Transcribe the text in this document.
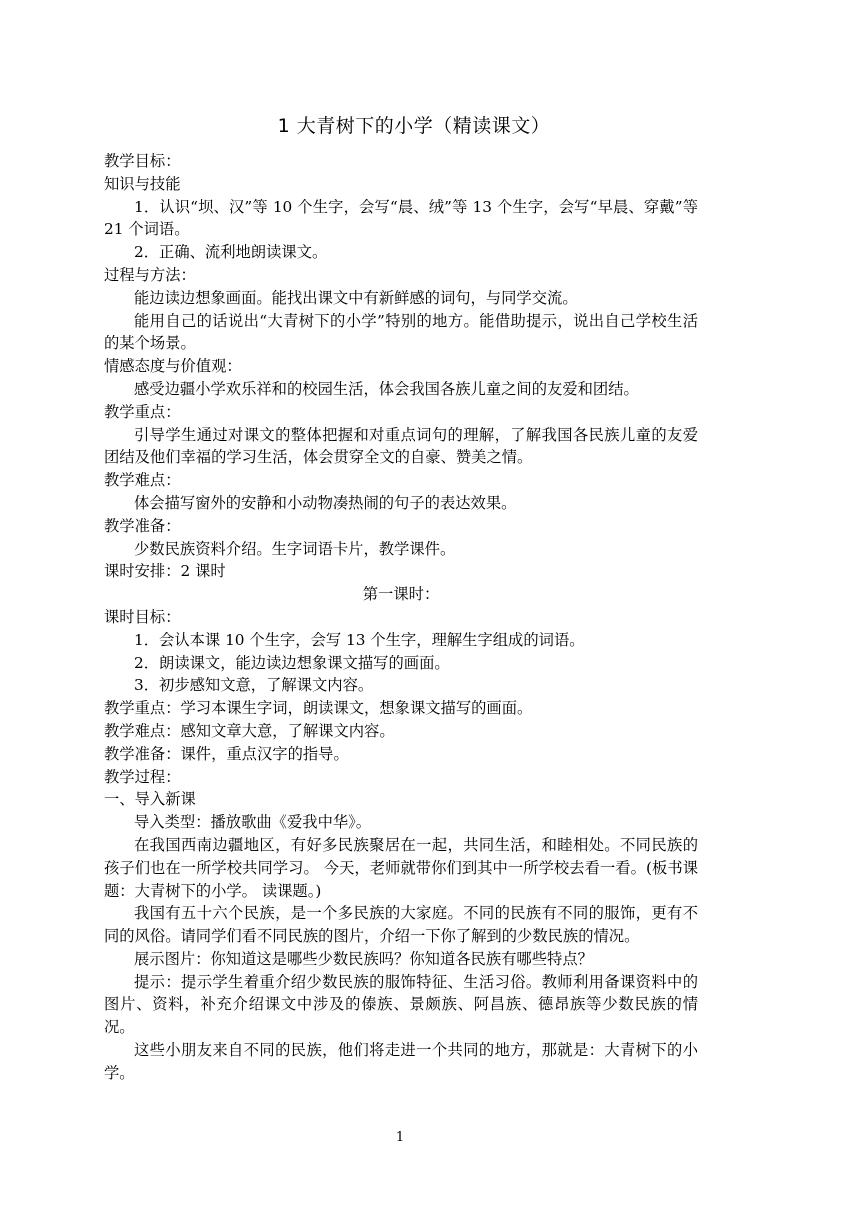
1 大青树下的小学（精读课文）
教学目标：
知识与技能
1．认识“坝、汉”等 10 个生字，会写“晨、绒”等 13 个生字，会写“早晨、穿戴”等 21 个词语。
2．正确、流利地朗读课文。
过程与方法：
能边读边想象画面。能找出课文中有新鲜感的词句，与同学交流。
能用自己的话说出“大青树下的小学”特别的地方。能借助提示，说出自己学校生活的某个场景。
情感态度与价值观：
感受边疆小学欢乐祥和的校园生活，体会我国各族儿童之间的友爱和团结。
教学重点：
引导学生通过对课文的整体把握和对重点词句的理解，了解我国各民族儿童的友爱团结及他们幸福的学习生活，体会贯穿全文的自豪、赞美之情。
教学难点：
体会描写窗外的安静和小动物凑热闹的句子的表达效果。
教学准备：
少数民族资料介绍。生字词语卡片，教学课件。
课时安排：2 课时
第一课时：
课时目标：
1．会认本课 10 个生字，会写 13 个生字，理解生字组成的词语。
2．朗读课文，能边读边想象课文描写的画面。
3．初步感知文意，了解课文内容。
教学重点：学习本课生字词，朗读课文，想象课文描写的画面。
教学难点：感知文章大意，了解课文内容。
教学准备：课件，重点汉字的指导。
教学过程：
一、导入新课
导入类型：播放歌曲《爱我中华》。
在我国西南边疆地区，有好多民族聚居在一起，共同生活，和睦相处。不同民族的孩子们也在一所学校共同学习。 今天，老师就带你们到其中一所学校去看一看。(板书课题：大青树下的小学。 读课题。)
我国有五十六个民族，是一个多民族的大家庭。不同的民族有不同的服饰，更有不同的风俗。请同学们看不同民族的图片，介绍一下你了解到的少数民族的情况。
展示图片：你知道这是哪些少数民族吗？你知道各民族有哪些特点？
提示：提示学生着重介绍少数民族的服饰特征、生活习俗。教师利用备课资料中的图片、资料，补充介绍课文中涉及的傣族、景颇族、阿昌族、德昂族等少数民族的情况。
这些小朋友来自不同的民族，他们将走进一个共同的地方，那就是：大青树下的小学。
1
